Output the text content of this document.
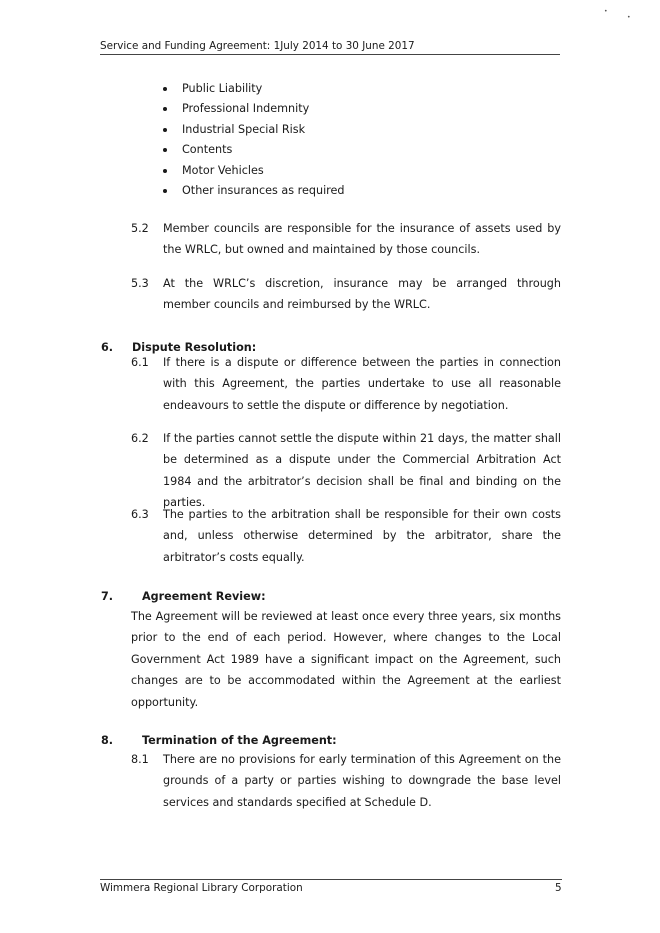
Service and Funding Agreement: 1July 2014 to 30 June 2017
•
•
Public Liability
Professional Indemnity
Industrial Special Risk
Contents
Motor Vehicles
Other insurances as required
5.2	Member councils are responsible for the insurance of assets used by the WRLC, but owned and maintained by those councils.
5.3	At the WRLC’s discretion, insurance may be arranged through member councils and reimbursed by the WRLC.
6. Dispute Resolution:
6.1	If there is a dispute or difference between the parties in connection with this Agreement, the parties undertake to use all reasonable endeavours to settle the dispute or difference by negotiation.
6.2	If the parties cannot settle the dispute within 21 days, the matter shall be determined as a dispute under the Commercial Arbitration Act 1984 and the arbitrator’s decision shall be final and binding on the parties.
6.3	The parties to the arbitration shall be responsible for their own costs and, unless otherwise determined by the arbitrator, share the arbitrator’s costs equally.
7.	Agreement Review:
The Agreement will be reviewed at least once every three years, six months prior to the end of each period. However, where changes to the Local Government Act 1989 have a significant impact on the Agreement, such changes are to be accommodated within the Agreement at the earliest opportunity.
8.	Termination of the Agreement:
8.1	There are no provisions for early termination of this Agreement on the grounds of a party or parties wishing to downgrade the base level services and standards specified at Schedule D.
Wimmera Regional Library Corporation	5
